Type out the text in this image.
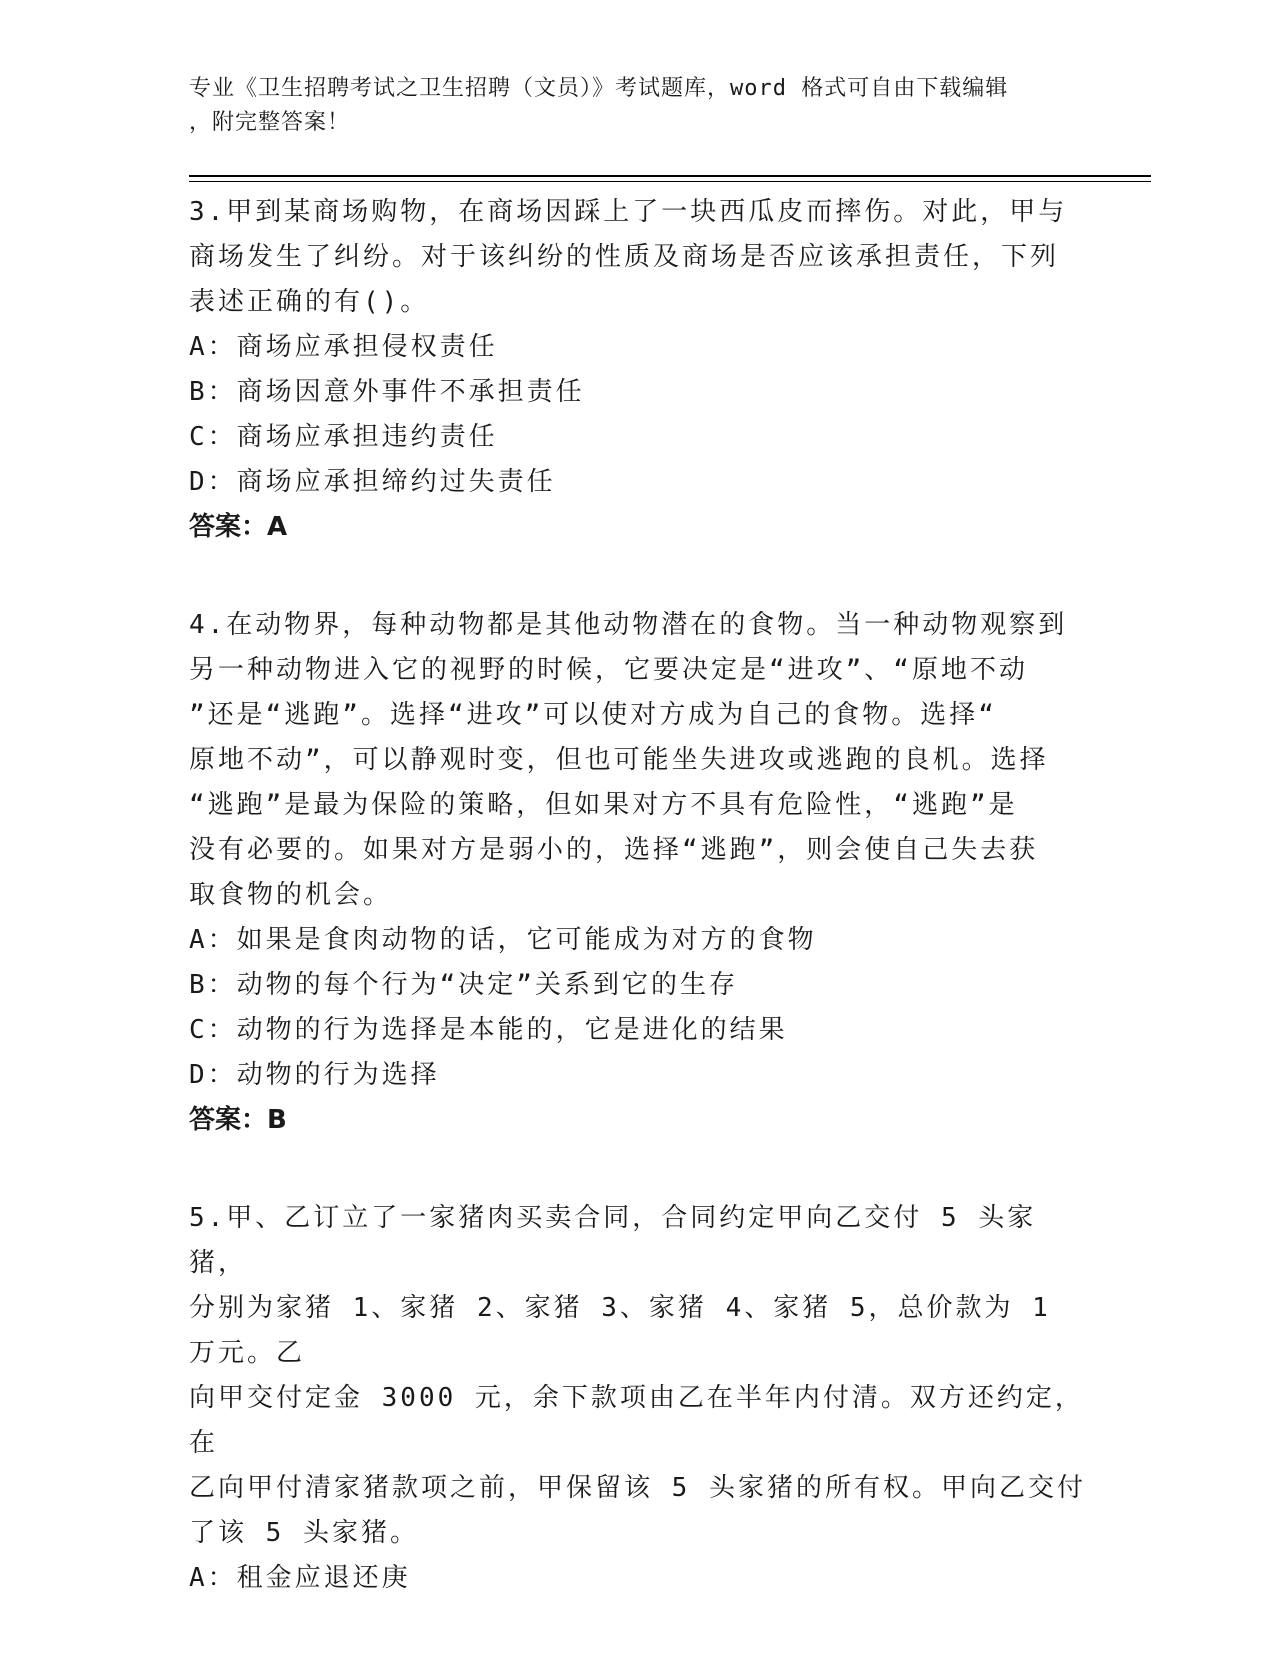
专业《卫生招聘考试之卫生招聘（文员）》考试题库，word 格式可自由下载编辑
，附完整答案！

3.甲到某商场购物，在商场因踩上了一块西瓜皮而摔伤。对此，甲与
商场发生了纠纷。对于该纠纷的性质及商场是否应该承担责任，下列
表述正确的有()。

A：商场应承担侵权责任

B：商场因意外事件不承担责任

C：商场应承担违约责任

D：商场应承担缔约过失责任

答案：A

4.在动物界，每种动物都是其他动物潜在的食物。当一种动物观察到
另一种动物进入它的视野的时候，它要决定是“进攻”、“原地不动
”还是“逃跑”。选择“进攻”可以使对方成为自己的食物。选择“
原地不动”，可以静观时变，但也可能坐失进攻或逃跑的良机。选择
“逃跑”是最为保险的策略，但如果对方不具有危险性，“逃跑”是
没有必要的。如果对方是弱小的，选择“逃跑”，则会使自己失去获
取食物的机会。

A：如果是食肉动物的话，它可能成为对方的食物

B：动物的每个行为“决定”关系到它的生存

C：动物的行为选择是本能的，它是进化的结果

D：动物的行为选择

答案：B

5.甲、乙订立了一家猪肉买卖合同，合同约定甲向乙交付 5 头家猪，
分别为家猪 1、家猪 2、家猪 3、家猪 4、家猪 5，总价款为 1 万元。乙
向甲交付定金 3000 元，余下款项由乙在半年内付清。双方还约定，在
乙向甲付清家猪款项之前，甲保留该 5 头家猪的所有权。甲向乙交付
了该 5 头家猪。

A：租金应退还庚
